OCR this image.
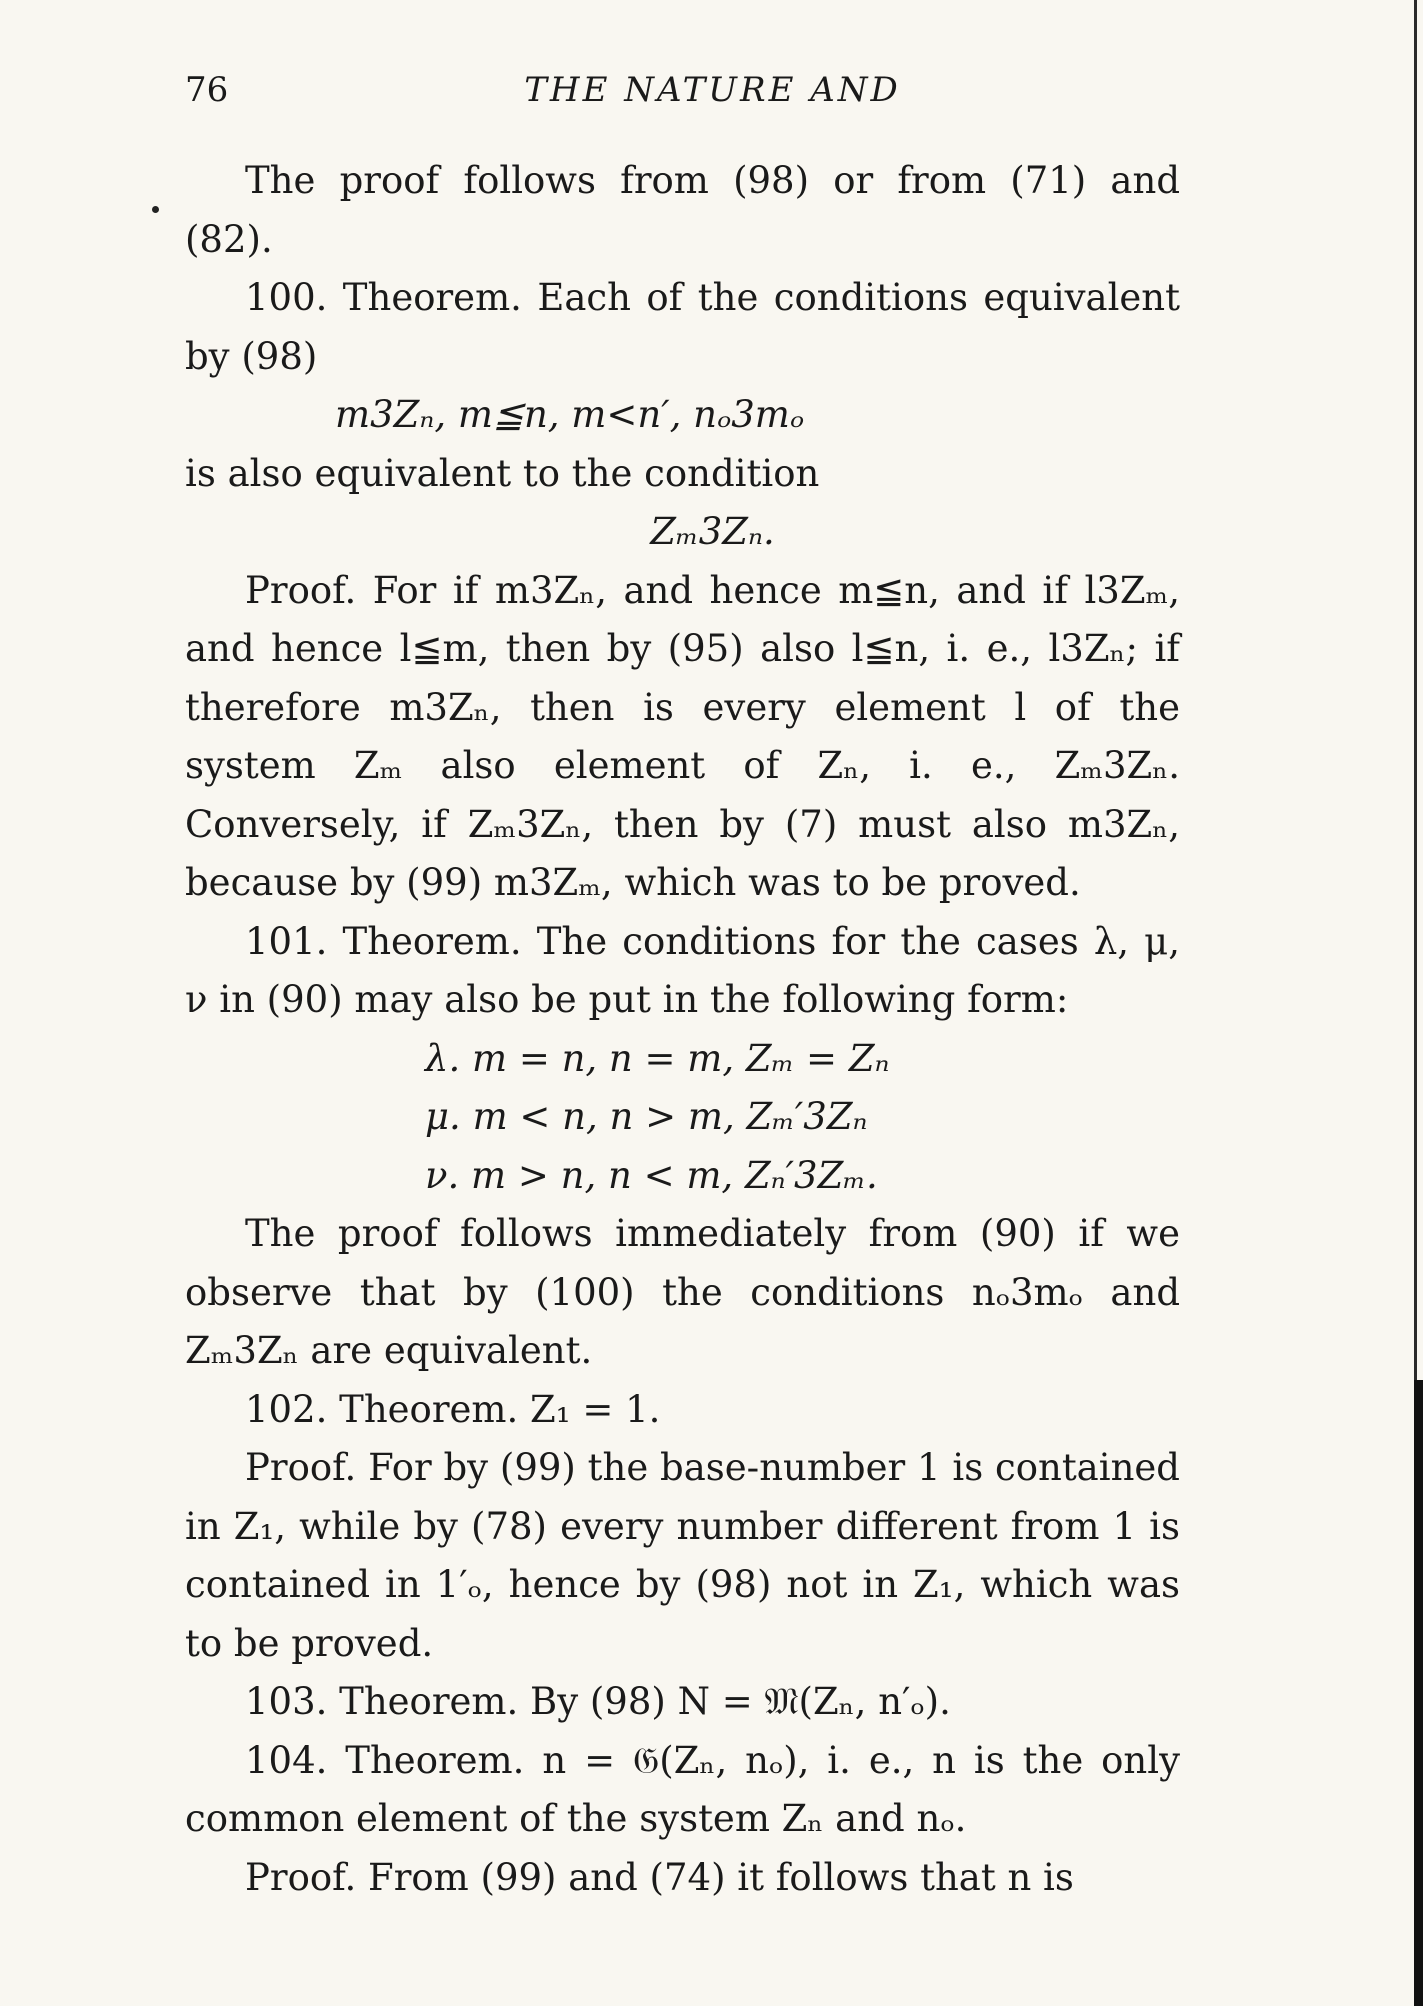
76	THE NATURE AND

The proof follows from (98) or from (71) and (82).

100. Theorem. Each of the conditions equivalent by (98)

m3Zₙ, m≦n, m<n′, nₒ3mₒ

is also equivalent to the condition

Zₘ3Zₙ.

Proof. For if m3Zₙ, and hence m≦n, and if l3Zₘ, and hence l≦m, then by (95) also l≦n, i. e., l3Zₙ; if therefore m3Zₙ, then is every element l of the system Zₘ also element of Zₙ, i. e., Zₘ3Zₙ. Conversely, if Zₘ3Zₙ, then by (7) must also m3Zₙ, because by (99) m3Zₘ, which was to be proved.

101. Theorem. The conditions for the cases λ, μ, ν in (90) may also be put in the following form:

λ. m = n, n = m, Zₘ = Zₙ

μ. m < n, n > m, Zₘ′3Zₙ

ν. m > n, n < m, Zₙ′3Zₘ.

The proof follows immediately from (90) if we observe that by (100) the conditions nₒ3mₒ and Zₘ3Zₙ are equivalent.

102. Theorem. Z₁ = 1.

Proof. For by (99) the base-number 1 is contained in Z₁, while by (78) every number different from 1 is contained in 1′ₒ, hence by (98) not in Z₁, which was to be proved.

103. Theorem. By (98) N = 𝔐(Zₙ, n′ₒ).

104. Theorem. n = 𝔊(Zₙ, nₒ), i. e., n is the only common element of the system Zₙ and nₒ.

Proof. From (99) and (74) it follows that n is
